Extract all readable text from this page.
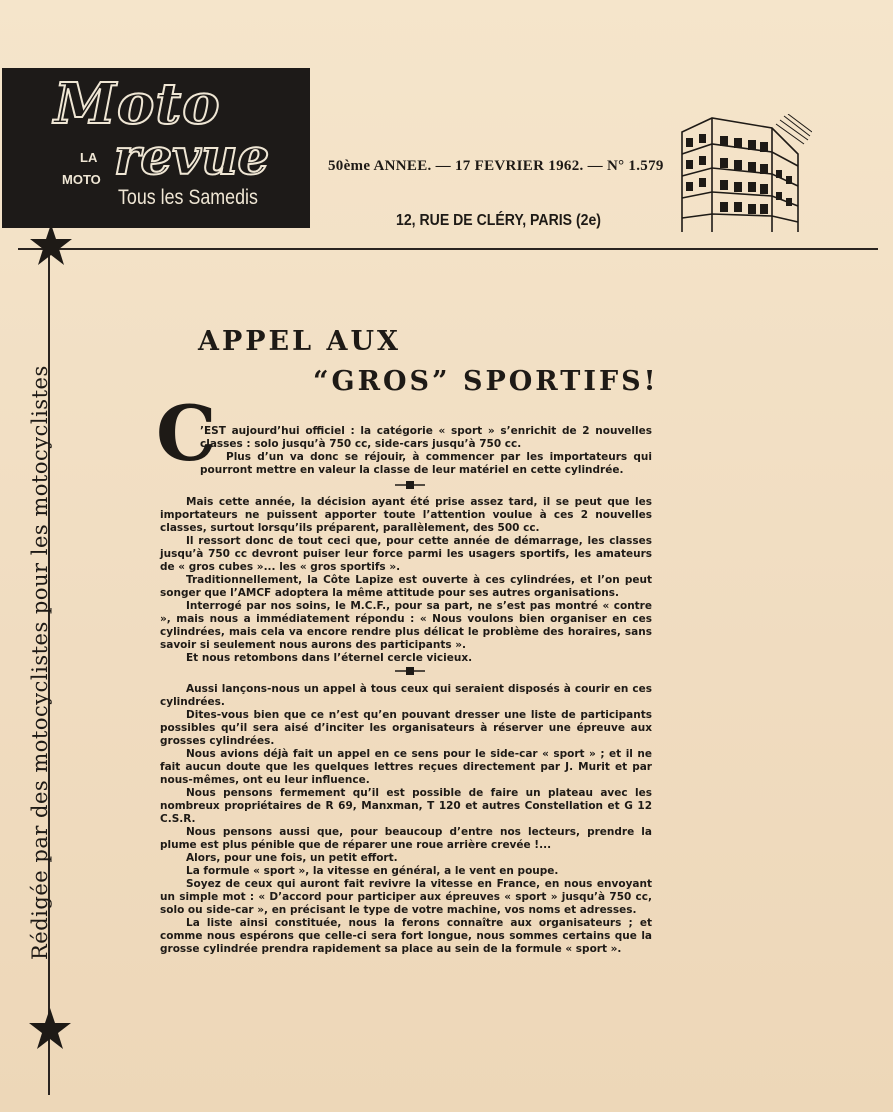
Moto
LA revue
MOTO
Tous les Samedis
50ème ANNEE. — 17 FEVRIER 1962. — N° 1.579
12, RUE DE CLÉRY, PARIS (2e)
Rédigée par des motocyclistes pour les motocyclistes
APPEL AUX
“GROS” SPORTIFS!
C

’EST aujourd’hui officiel : la catégorie « sport » s’enrichit de 2 nouvelles classes : solo jusqu’à 750 cc, side-cars jusqu’à 750 cc.

Plus d’un va donc se réjouir, à commencer par les importateurs qui pourront mettre en valeur la classe de leur matériel en cette cylindrée.

Mais cette année, la décision ayant été prise assez tard, il se peut que les importateurs ne puissent apporter toute l’attention voulue à ces 2 nouvelles classes, surtout lorsqu’ils préparent, parallèlement, des 500 cc.

Il ressort donc de tout ceci que, pour cette année de démarrage, les classes jusqu’à 750 cc devront puiser leur force parmi les usagers sportifs, les amateurs de « gros cubes »... les « gros sportifs ».

Traditionnellement, la Côte Lapize est ouverte à ces cylindrées, et l’on peut songer que l’AMCF adoptera la même attitude pour ses autres organisations.

Interrogé par nos soins, le M.C.F., pour sa part, ne s’est pas montré « contre », mais nous a immédiatement répondu : « Nous voulons bien organiser en ces cylindrées, mais cela va encore rendre plus délicat le problème des horaires, sans savoir si seulement nous aurons des participants ».

Et nous retombons dans l’éternel cercle vicieux.

Aussi lançons-nous un appel à tous ceux qui seraient disposés à courir en ces cylindrées.

Dites-vous bien que ce n’est qu’en pouvant dresser une liste de participants possibles qu’il sera aisé d’inciter les organisateurs à réserver une épreuve aux grosses cylindrées.

Nous avions déjà fait un appel en ce sens pour le side-car « sport » ; et il ne fait aucun doute que les quelques lettres reçues directement par J. Murit et par nous-mêmes, ont eu leur influence.

Nous pensons fermement qu’il est possible de faire un plateau avec les nombreux propriétaires de R 69, Manxman, T 120 et autres Constellation et G 12 C.S.R.

Nous pensons aussi que, pour beaucoup d’entre nos lecteurs, prendre la plume est plus pénible que de réparer une roue arrière crevée !...

Alors, pour une fois, un petit effort.

La formule « sport », la vitesse en général, a le vent en poupe.

Soyez de ceux qui auront fait revivre la vitesse en France, en nous envoyant un simple mot : « D’accord pour participer aux épreuves « sport » jusqu’à 750 cc, solo ou side-car », en précisant le type de votre machine, vos noms et adresses.

La liste ainsi constituée, nous la ferons connaître aux organisateurs ; et comme nous espérons que celle-ci sera fort longue, nous sommes certains que la grosse cylindrée prendra rapidement sa place au sein de la formule « sport ».
